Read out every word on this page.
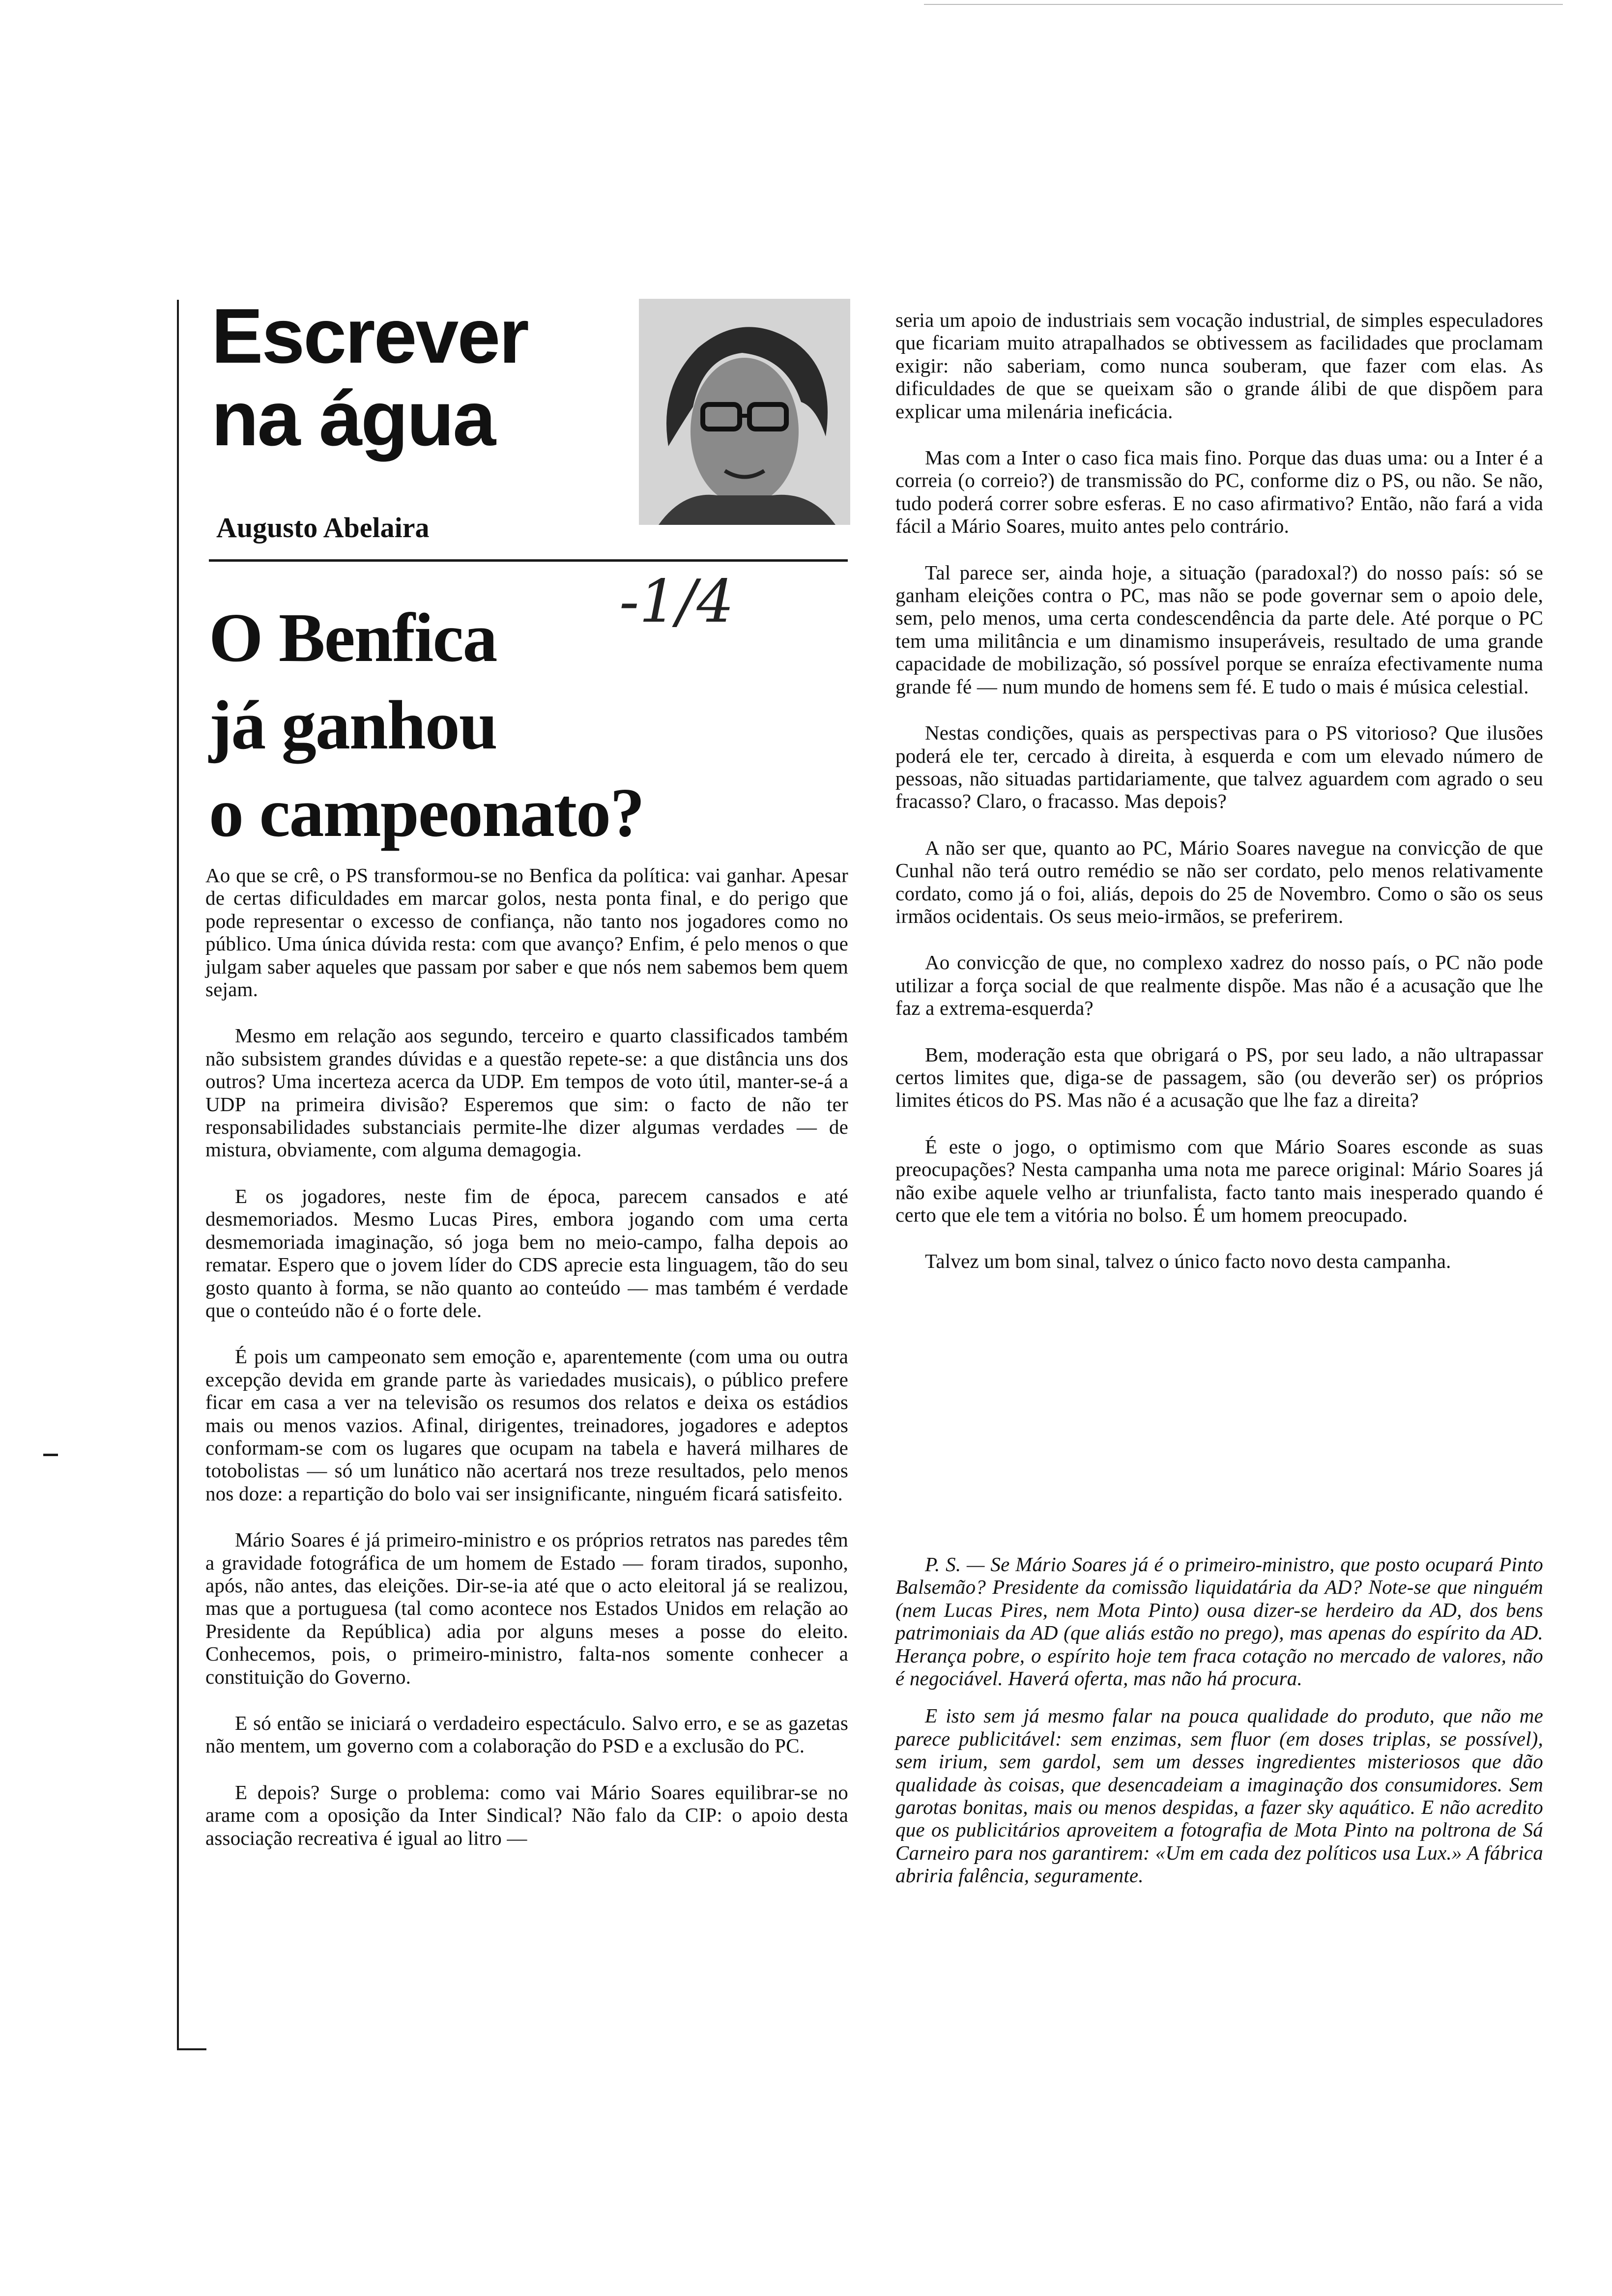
Escrever
na água
Augusto Abelaira
O Benfica
já ganhou
o campeonato?
-1/4

Ao que se crê, o PS transformou-se no Benfica da política: vai ganhar. Apesar de certas dificuldades em marcar golos, nesta ponta final, e do perigo que pode representar o excesso de confiança, não tanto nos jogadores como no público. Uma única dúvida resta: com que avanço? Enfim, é pelo menos o que julgam saber aqueles que passam por saber e que nós nem sabemos bem quem sejam.

Mesmo em relação aos segundo, terceiro e quarto classificados também não subsistem grandes dúvidas e a questão repete-se: a que distância uns dos outros? Uma incerteza acerca da UDP. Em tempos de voto útil, manter-se-á a UDP na primeira divisão? Esperemos que sim: o facto de não ter responsabilidades substanciais permite-lhe dizer algumas verdades — de mistura, obviamente, com alguma demagogia.

E os jogadores, neste fim de época, parecem cansados e até desmemoriados. Mesmo Lucas Pires, embora jogando com uma certa desmemoriada imaginação, só joga bem no meio-campo, falha depois ao rematar. Espero que o jovem líder do CDS aprecie esta linguagem, tão do seu gosto quanto à forma, se não quanto ao conteúdo — mas também é verdade que o conteúdo não é o forte dele.

É pois um campeonato sem emoção e, aparentemente (com uma ou outra excepção devida em grande parte às variedades musicais), o público prefere ficar em casa a ver na televisão os resumos dos relatos e deixa os estádios mais ou menos vazios. Afinal, dirigentes, treinadores, jogadores e adeptos conformam-se com os lugares que ocupam na tabela e haverá milhares de totobolistas — só um lunático não acertará nos treze resultados, pelo menos nos doze: a repartição do bolo vai ser insignificante, ninguém ficará satisfeito.

Mário Soares é já primeiro-ministro e os próprios retratos nas paredes têm a gravidade fotográfica de um homem de Estado — foram tirados, suponho, após, não antes, das eleições. Dir-se-ia até que o acto eleitoral já se realizou, mas que a portuguesa (tal como acontece nos Estados Unidos em relação ao Presidente da República) adia por alguns meses a posse do eleito. Conhecemos, pois, o primeiro-ministro, falta-nos somente conhecer a constituição do Governo.

E só então se iniciará o verdadeiro espectáculo. Salvo erro, e se as gazetas não mentem, um governo com a colaboração do PSD e a exclusão do PC.

E depois? Surge o problema: como vai Mário Soares equilibrar-se no arame com a oposição da Inter Sindical? Não falo da CIP: o apoio desta associação recreativa é igual ao litro —

seria um apoio de industriais sem vocação industrial, de simples especuladores que ficariam muito atrapalhados se obtivessem as facilidades que proclamam exigir: não saberiam, como nunca souberam, que fazer com elas. As dificuldades de que se queixam são o grande álibi de que dispõem para explicar uma milenária ineficácia.

Mas com a Inter o caso fica mais fino. Porque das duas uma: ou a Inter é a correia (o correio?) de transmissão do PC, conforme diz o PS, ou não. Se não, tudo poderá correr sobre esferas. E no caso afirmativo? Então, não fará a vida fácil a Mário Soares, muito antes pelo contrário.

Tal parece ser, ainda hoje, a situação (paradoxal?) do nosso país: só se ganham eleições contra o PC, mas não se pode governar sem o apoio dele, sem, pelo menos, uma certa condescendência da parte dele. Até porque o PC tem uma militância e um dinamismo insuperáveis, resultado de uma grande capacidade de mobilização, só possível porque se enraíza efectivamente numa grande fé — num mundo de homens sem fé. E tudo o mais é música celestial.

Nestas condições, quais as perspectivas para o PS vitorioso? Que ilusões poderá ele ter, cercado à direita, à esquerda e com um elevado número de pessoas, não situadas partidariamente, que talvez aguardem com agrado o seu fracasso? Claro, o fracasso. Mas depois?

A não ser que, quanto ao PC, Mário Soares navegue na convicção de que Cunhal não terá outro remédio se não ser cordato, pelo menos relativamente cordato, como já o foi, aliás, depois do 25 de Novembro. Como o são os seus irmãos ocidentais. Os seus meio-irmãos, se preferirem.

Ao convicção de que, no complexo xadrez do nosso país, o PC não pode utilizar a força social de que realmente dispõe. Mas não é a acusação que lhe faz a extrema-esquerda?

Bem, moderação esta que obrigará o PS, por seu lado, a não ultrapassar certos limites que, diga-se de passagem, são (ou deverão ser) os próprios limites éticos do PS. Mas não é a acusação que lhe faz a direita?

É este o jogo, o optimismo com que Mário Soares esconde as suas preocupações? Nesta campanha uma nota me parece original: Mário Soares já não exibe aquele velho ar triunfalista, facto tanto mais inesperado quando é certo que ele tem a vitória no bolso. É um homem preocupado.

Talvez um bom sinal, talvez o único facto novo desta campanha.

P. S. — Se Mário Soares já é o primeiro-ministro, que posto ocupará Pinto Balsemão? Presidente da comissão liquidatária da AD? Note-se que ninguém (nem Lucas Pires, nem Mota Pinto) ousa dizer-se herdeiro da AD, dos bens patrimoniais da AD (que aliás estão no prego), mas apenas do espírito da AD. Herança pobre, o espírito hoje tem fraca cotação no mercado de valores, não é negociável. Haverá oferta, mas não há procura.

E isto sem já mesmo falar na pouca qualidade do produto, que não me parece publicitável: sem enzimas, sem fluor (em doses triplas, se possível), sem irium, sem gardol, sem um desses ingredientes misteriosos que dão qualidade às coisas, que desencadeiam a imaginação dos consumidores. Sem garotas bonitas, mais ou menos despidas, a fazer sky aquático. E não acredito que os publicitários aproveitem a fotografia de Mota Pinto na poltrona de Sá Carneiro para nos garantirem: «Um em cada dez políticos usa Lux.» A fábrica abriria falência, seguramente.
